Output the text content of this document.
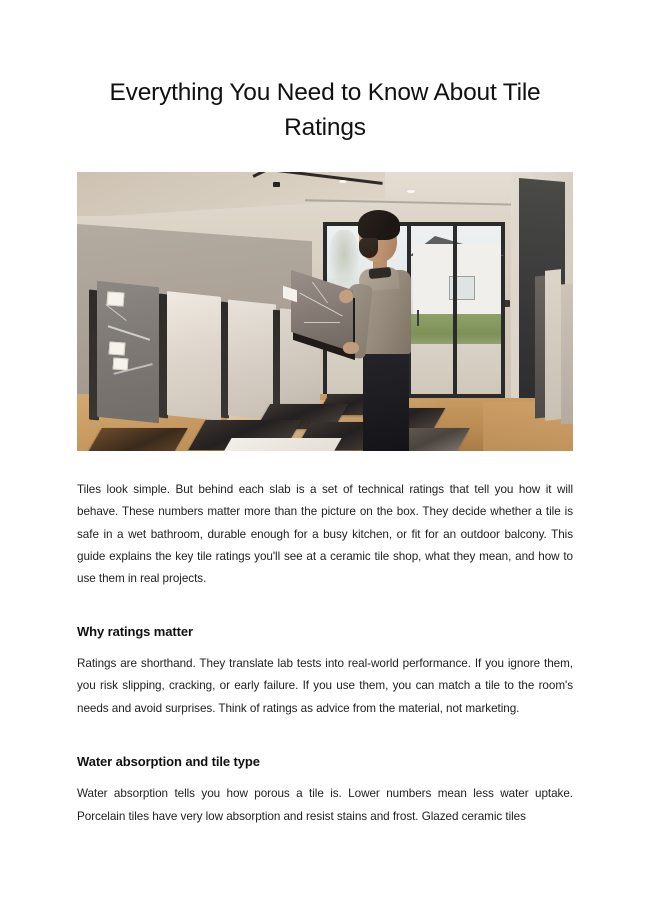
Everything You Need to Know About Tile Ratings

Tiles look simple. But behind each slab is a set of technical ratings that tell you how it will behave. These numbers matter more than the picture on the box. They decide whether a tile is safe in a wet bathroom, durable enough for a busy kitchen, or fit for an outdoor balcony. This guide explains the key tile ratings you'll see at a ceramic tile shop, what they mean, and how to use them in real projects.

Why ratings matter

Ratings are shorthand. They translate lab tests into real-world performance. If you ignore them, you risk slipping, cracking, or early failure. If you use them, you can match a tile to the room's needs and avoid surprises. Think of ratings as advice from the material, not marketing.

Water absorption and tile type

Water absorption tells you how porous a tile is. Lower numbers mean less water uptake. Porcelain tiles have very low absorption and resist stains and frost. Glazed ceramic tiles
